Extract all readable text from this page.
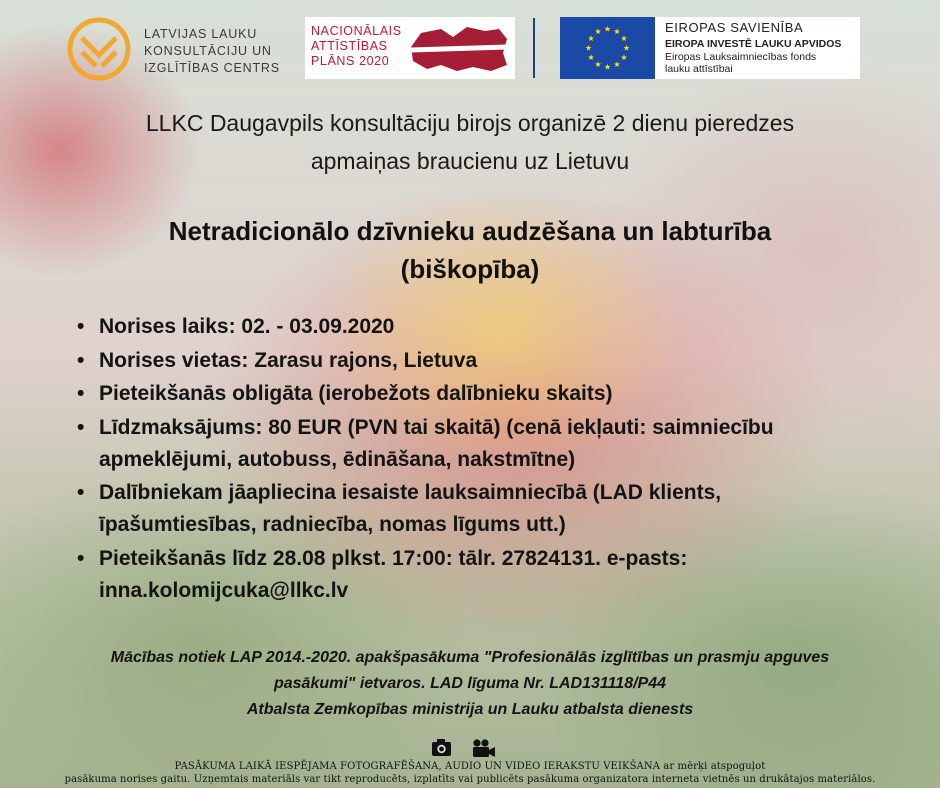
LATVIJAS LAUKU
KONSULTĀCIJU UN
IZGLĪTĪBAS CENTRS
NACIONĀLAIS
ATTĪSTĪBAS
PLĀNS 2020
EIROPAS SAVIENĪBA
EIROPA INVESTĒ LAUKU APVIDOS
Eiropas Lauksaimniecības fonds
lauku attīstībai
LLKC Daugavpils konsultāciju birojs organizē 2 dienu pieredzes
apmaiņas braucienu uz Lietuvu
Netradicionālo dzīvnieku audzēšana un labturība
(biškopība)
• Norises laiks: 02. - 03.09.2020
• Norises vietas: Zarasu rajons, Lietuva
• Pieteikšanās obligāta (ierobežots dalībnieku skaits)
• Līdzmaksājums: 80 EUR (PVN tai skaitā) (cenā iekļauti: saimniecību
apmeklējumi, autobuss, ēdināšana, nakstmītne)
• Dalībniekam jāapliecina iesaiste lauksaimniecībā (LAD klients,
īpašumtiesības, radniecība, nomas līgums utt.)
• Pieteikšanās līdz 28.08 plkst. 17:00: tālr. 27824131. e-pasts:
inna.kolomijcuka@llkc.lv
Mācības notiek LAP 2014.-2020. apakšpasākuma "Profesionālās izglītības un prasmju apguves
pasākumi" ietvaros. LAD līguma Nr. LAD131118/P44
Atbalsta Zemkopības ministrija un Lauku atbalsta dienests
PASĀKUMA LAIKĀ IESPĒJAMA FOTOGRAFĒŠANA, AUDIO UN VIDEO IERAKSTU VEIKŠANA ar mērķi atspoguļot
pasākuma norises gaitu. Uzņemtais materiāls var tikt reproducēts, izplatīts vai publicēts pasākuma organizatora interneta vietnēs un drukātajos materiālos.
